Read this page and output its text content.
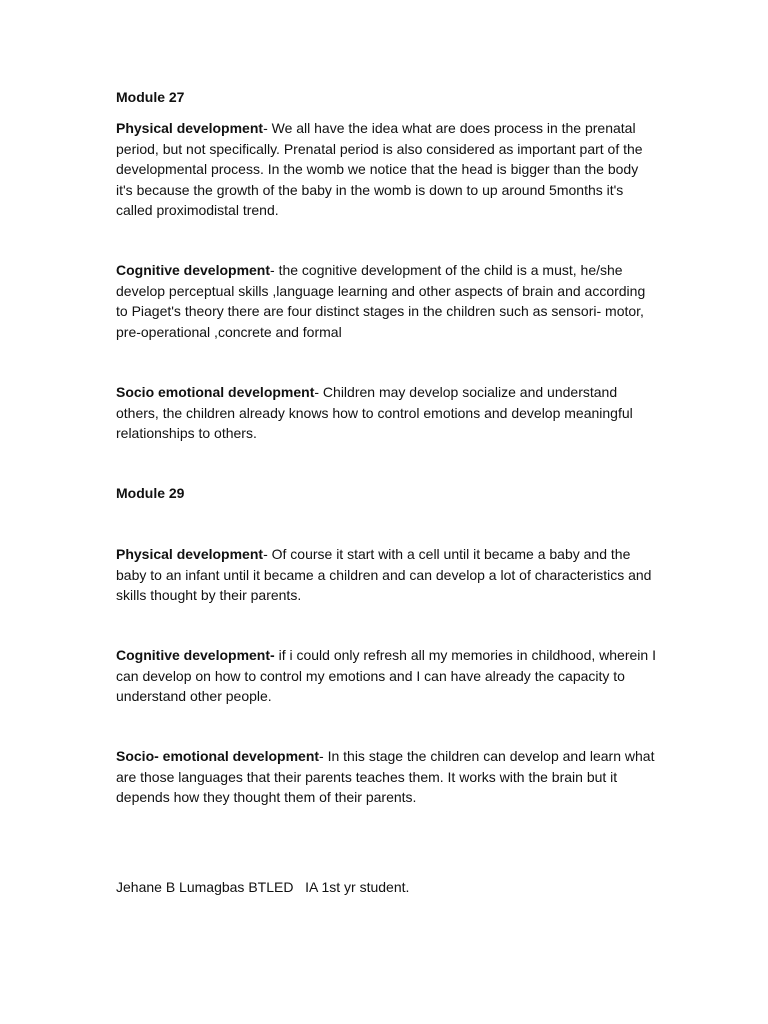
Module 27

Physical development- We all have the idea what are does process in the prenatal period, but not specifically. Prenatal period is also considered as important part of the developmental process. In the womb we notice that the head is bigger than the body it's because the growth of the baby in the womb is down to up around 5months it's called proximodistal trend.

Cognitive development- the cognitive development of the child is a must, he/she develop perceptual skills ,language learning and other aspects of brain and according to Piaget's theory there are four distinct stages in the children such as sensori- motor, pre-operational ,concrete and formal

Socio emotional development- Children may develop socialize and understand others, the children already knows how to control emotions and develop meaningful relationships to others.

Module 29

Physical development- Of course it start with a cell until it became a baby and the baby to an infant until it became a children and can develop a lot of characteristics and skills thought by their parents.

Cognitive development- if i could only refresh all my memories in childhood, wherein I can develop on how to control my emotions and I can have already the capacity to understand other people.

Socio- emotional development- In this stage the children can develop and learn what are those languages that their parents teaches them. It works with the brain but it depends how they thought them of their parents.

Jehane B Lumagbas BTLED   IA 1st yr student.
